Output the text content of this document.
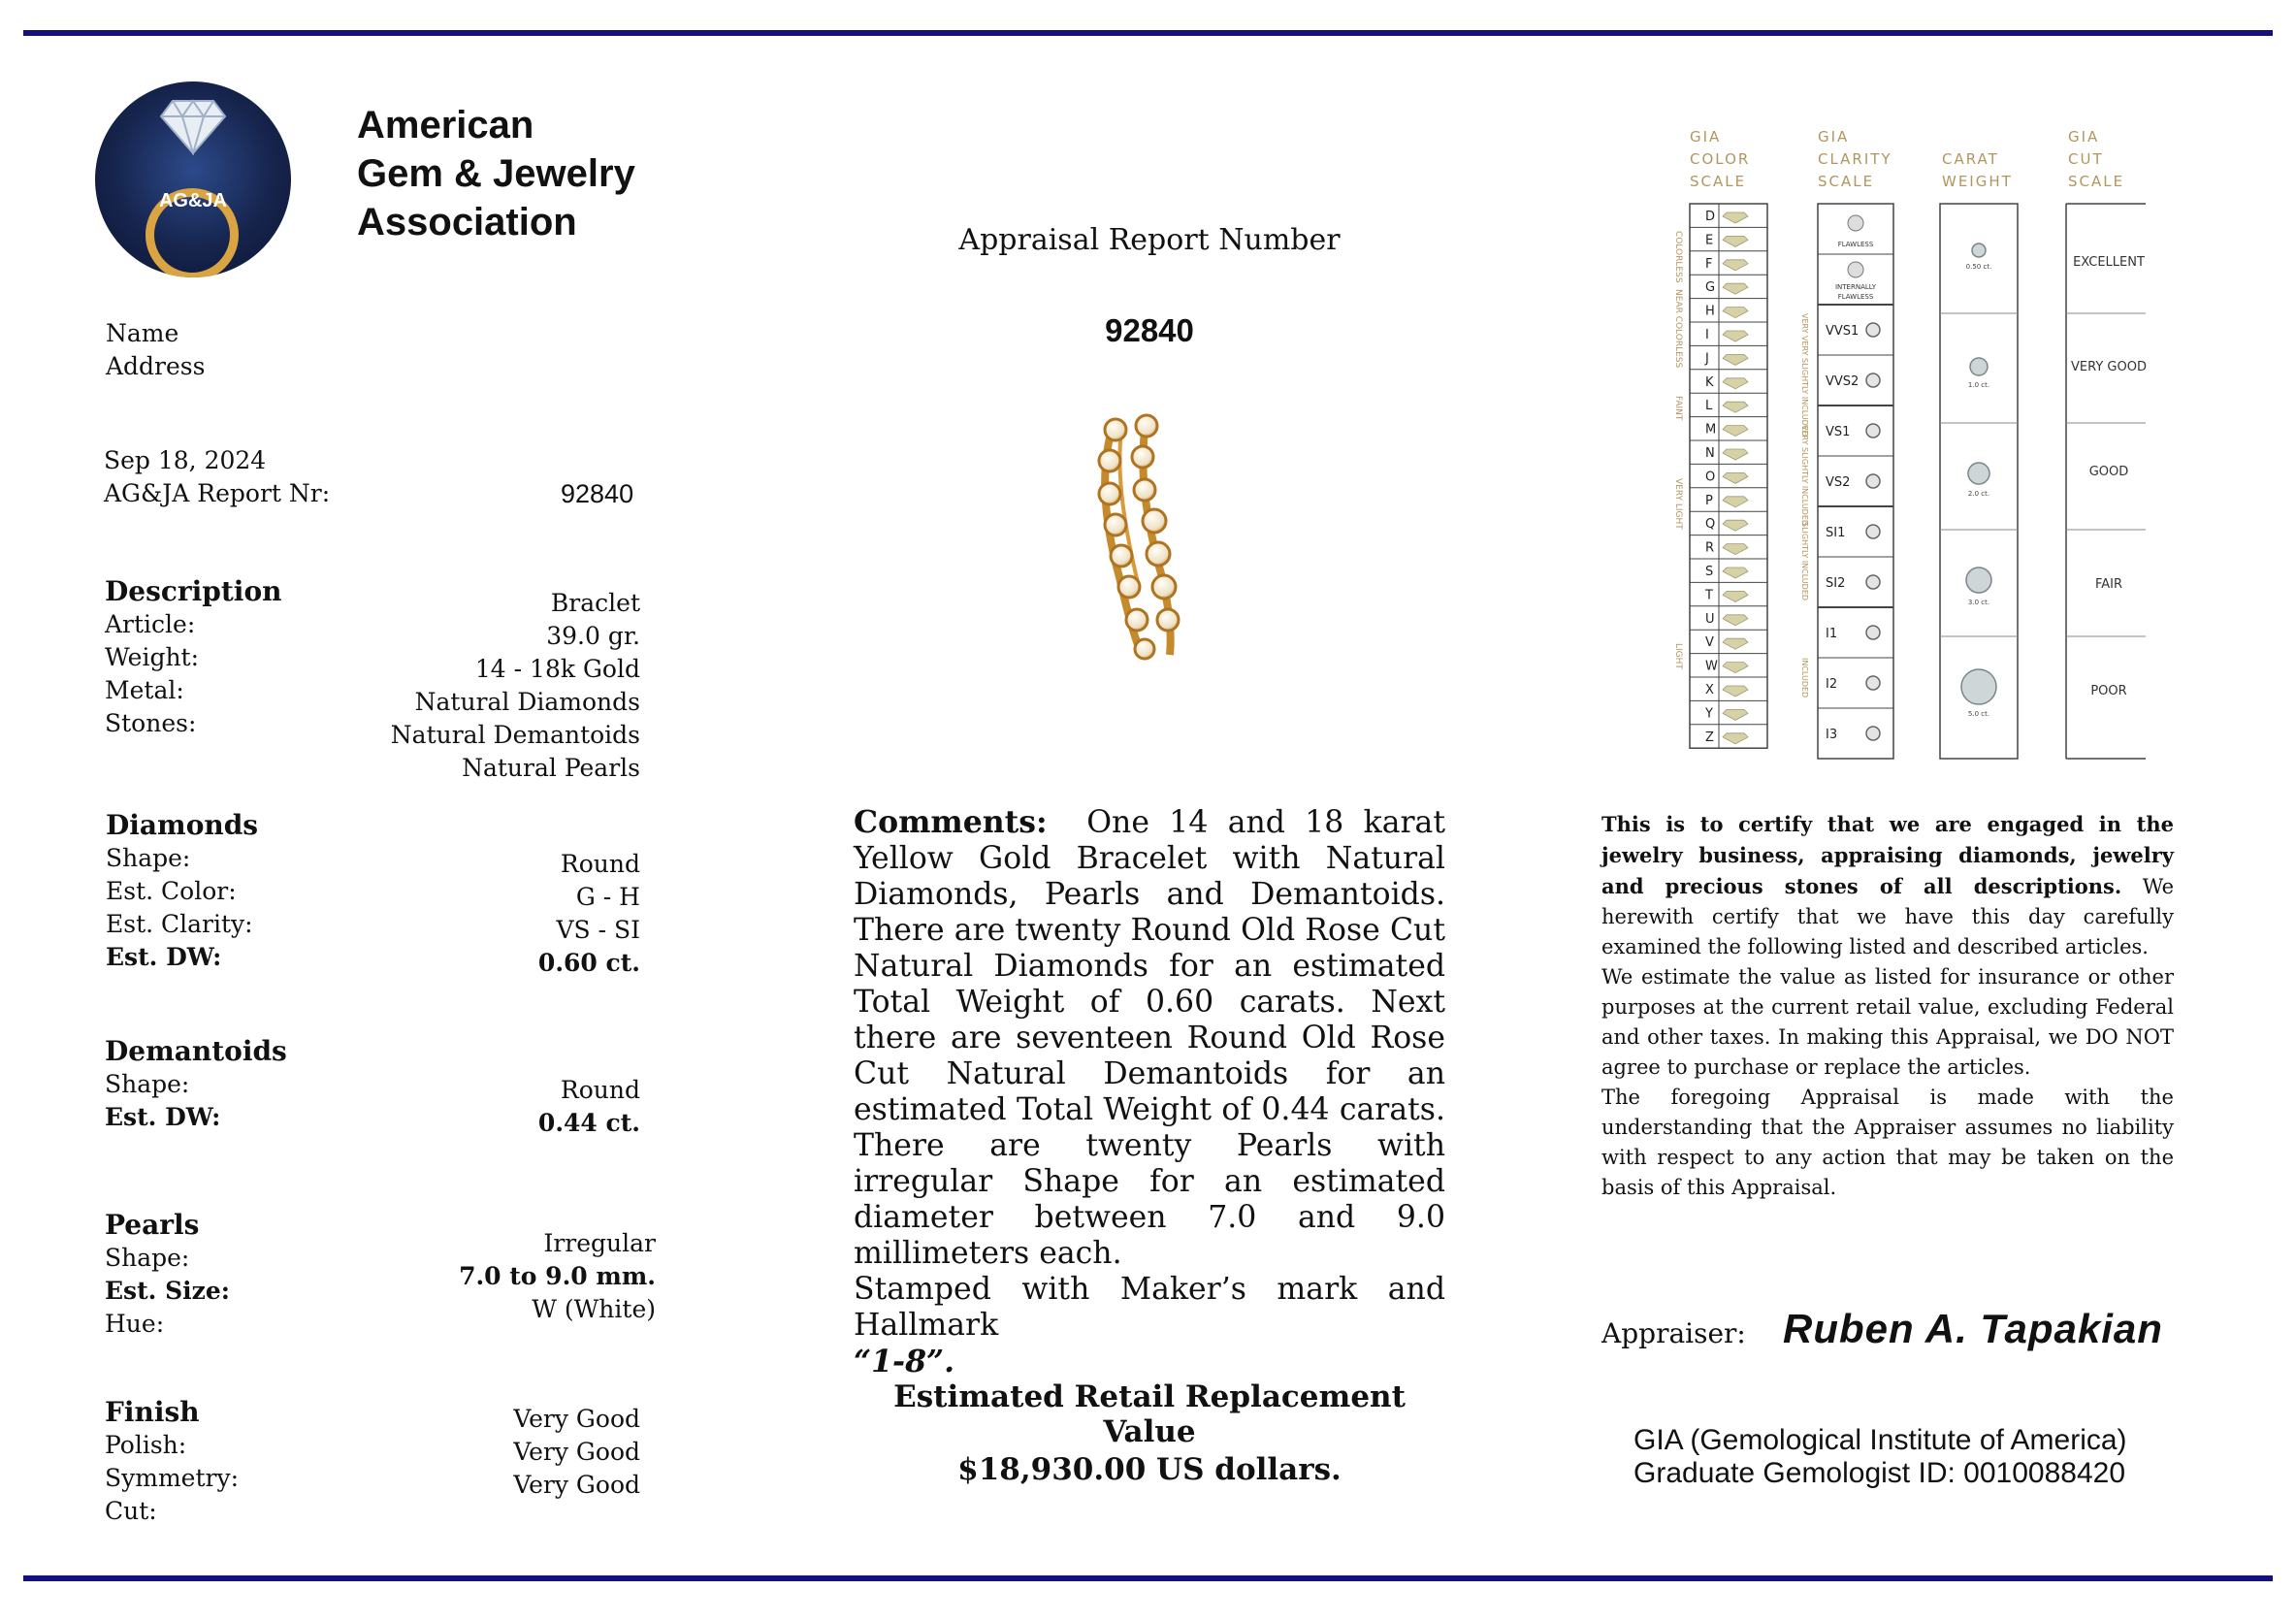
AG&JA
American
Gem & Jewelry
Association
Name
Address
Sep 18, 2024
AG&JA Report Nr:	92840
Description
Article:
Weight:
Metal:
Stones:
Braclet
39.0 gr.
14 - 18k Gold
Natural Diamonds
Natural Demantoids
Natural Pearls
Diamonds
Shape:
Est. Color:
Est. Clarity:
Est. DW:
Round
G - H
VS - SI
0.60 ct.
Demantoids
Shape:
Est. DW:
Round
0.44 ct.
Pearls
Shape:
Est. Size:
Hue:
Irregular
7.0 to 9.0 mm.
W (White)
Finish
Polish:
Symmetry:
Cut:
Very Good
Very Good
Very Good
Appraisal Report Number
92840
Comments: One 14 and 18 karat Yellow Gold Bracelet with Natural Diamonds, Pearls and Demantoids. There are twenty Round Old Rose Cut Natural Diamonds for an estimated Total Weight of 0.60 carats. Next there are seventeen Round Old Rose Cut Natural Demantoids for an estimated Total Weight of 0.44 carats. There are twenty Pearls with irregular Shape for an estimated diameter between 7.0 and 9.0 millimeters each.
Stamped with Maker’s mark and Hallmark
“1-8”.
Estimated Retail Replacement Value
$18,930.00 US dollars.
GIA
COLOR
SCALE
GIA
CLARITY
SCALE
CARAT
WEIGHT
GIA
CUT
SCALE
D
E
F
G
H
I
J
K
L
M
N
O
P
Q
R
S
T
U
V
W
X
Y
Z
COLORLESS
NEAR COLORLESS
FAINT
VERY LIGHT
LIGHT
FLAWLESS
INTERNALLY
FLAWLESS
VVS1
VVS2
VS1
VS2
SI1
SI2
I1
I2
I3
VERY VERY SLIGHTLY INCLUDED
VERY SLIGHTLY INCLUDED
SLIGHTLY INCLUDED
INCLUDED
0.50 ct.
1.0 ct.
2.0 ct.
3.0 ct.
5.0 ct.
EXCELLENT
VERY GOOD
GOOD
FAIR
POOR
This is to certify that we are engaged in the jewelry business, appraising diamonds, jewelry and precious stones of all descriptions. We herewith certify that we have this day carefully examined the following listed and described articles.
We estimate the value as listed for insurance or other purposes at the current retail value, excluding Federal and other taxes. In making this Appraisal, we DO NOT agree to purchase or replace the articles.
The foregoing Appraisal is made with the understanding that the Appraiser assumes no liability with respect to any action that may be taken on the basis of this Appraisal.
Appraiser: Ruben A. Tapakian
GIA (Gemological Institute of America)
Graduate Gemologist ID: 0010088420
